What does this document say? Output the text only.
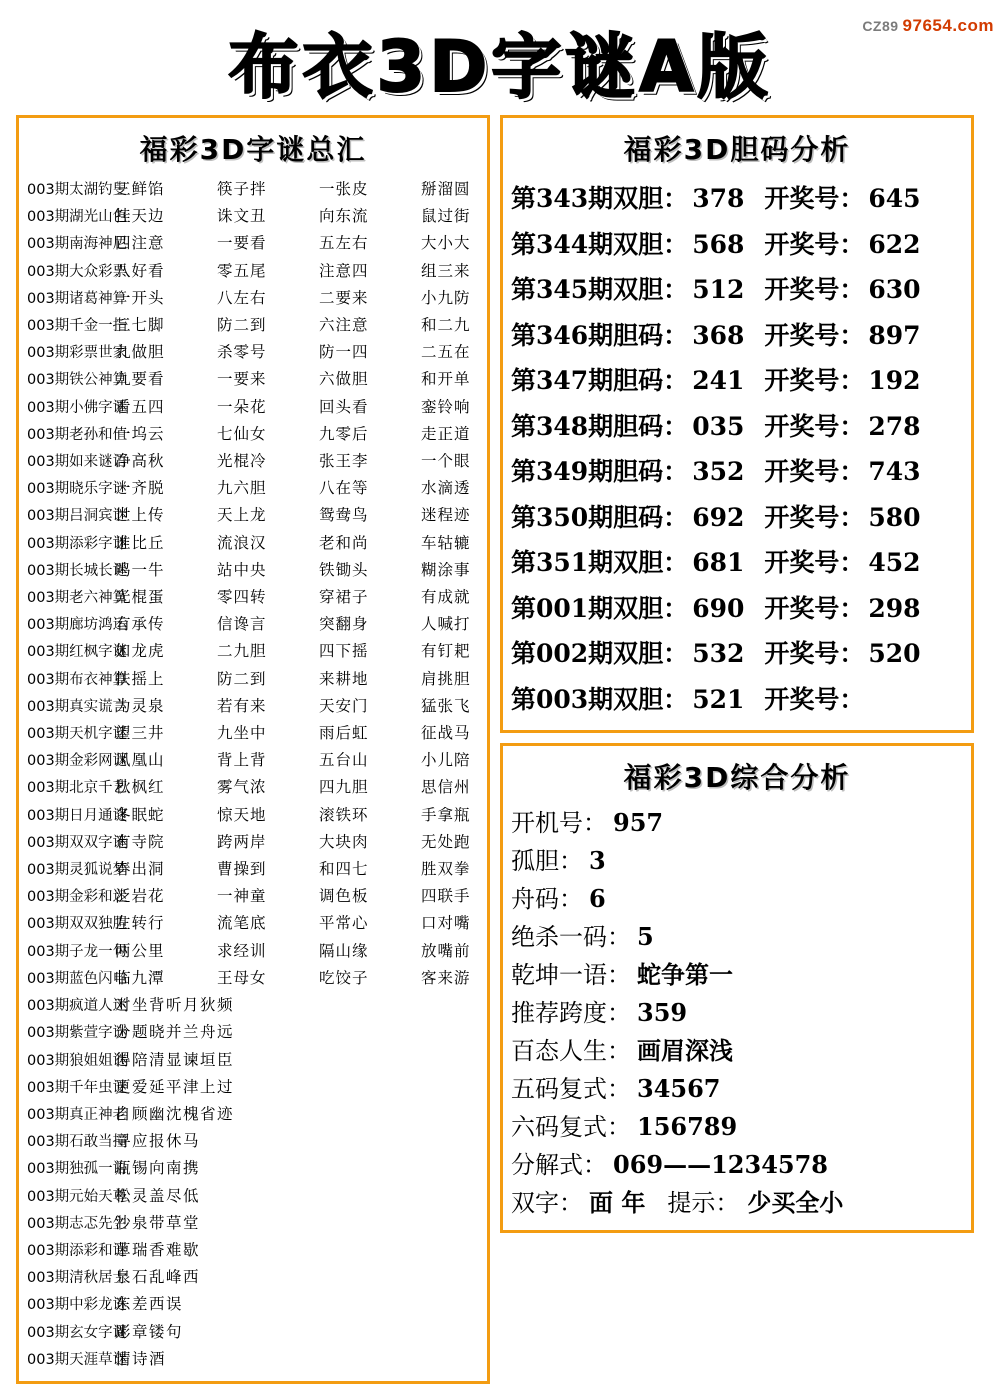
CZ89 97654.com
布衣3D字谜A版
福彩3D字谜总汇
003期太湖钓叟
三鲜馅	筷子拌	一张皮	掰溜圆
003期湖光山色
挂天边	诛文丑	向东流	鼠过街
003期南海神尼
四注意	一要看	五左右	大小大
003期大众彩票
八好看	零五尾	注意四	组三来
003期诸葛神算
一开头	八左右	二要来	小九防
003期千金一指
三七脚	防二到	六注意	和二九
003期彩票世家
九做胆	杀零号	防一四	二五在
003期铁公神算
九要看	一要来	六做胆	和开单
003期小佛字谜
看五四	一朵花	回头看	銮铃响
003期老孙和值
一坞云	七仙女	九零后	走正道
003期如来谜语
净高秋	光棍冷	张王李	一个眼
003期晓乐字谜
一齐脱	九六胆	八在等	水滴透
003期吕洞宾谜
世上传	天上龙	鸳鸯鸟	迷程迹
003期添彩字谜
谁比丘	流浪汉	老和尚	车轱辘
003期长城长谜
鸣一牛	站中央	铁锄头	糊涂事
003期老六神算
光棍蛋	零四转	穿裙子	有成就
003期廊坊鸿运
有承传	信谗言	突翻身	人喊打
003期红枫字谜
如龙虎	二九胆	四下摇	有钉耙
003期布衣神算
扶摇上	防二到	来耕地	肩挑胆
003期真实谎言
为灵泉	若有来	天安门	猛张飞
003期天机字谜
望三井	九坐中	雨后虹	征战马
003期金彩网谜
凤凰山	背上背	五台山	小儿陪
003期北京千艺
秋枫红	雾气浓	四九胆	思信州
003期日月通谜
冬眠蛇	惊天地	滚铁环	手拿瓶
003期双双字谜
有寺院	跨两岸	大块肉	无处跑
003期灵狐说梦
春出洞	曹操到	和四七	胜双拳
003期金彩和迷
泛岩花	一神童	调色板	四联手
003期双双独胆
左转行	流笔底	平常心	口对嘴
003期子龙一句
两公里	求经训	隔山缘	放嘴前
003期蓝色闪电
临九潭	王母女	吃饺子	客来游
003期疯道人迷
对坐背听月狄频
003期紫萱字谜
分题晓并兰舟远
003期狼姐姐谜
得陪清显谏垣臣
003期千年虫谜
更爱延平津上过
003期真正神老
自顾幽沈槐省迹
003期石敢当撞
寻应报休马
003期独孤一语
瓶锡向南携
003期元始天尊
松灵盖尽低
003期志忑先生
沙泉带草堂
003期添彩和谜
草瑞香难歇
003期清秋居士
泉石乱峰西
003期中彩龙谜
东差西误
003期玄女字谜
彫章镂句
003期天涯草谜
情诗酒
福彩3D胆码分析
第343期双胆： 378 开奖号： 645
第344期双胆： 568 开奖号： 622
第345期双胆： 512 开奖号： 630
第346期胆码： 368 开奖号： 897
第347期胆码： 241 开奖号： 192
第348期胆码： 035 开奖号： 278
第349期胆码： 352 开奖号： 743
第350期胆码： 692 开奖号： 580
第351期双胆： 681 开奖号： 452
第001期双胆： 690 开奖号： 298
第002期双胆： 532 开奖号： 520
第003期双胆： 521 开奖号：
福彩3D综合分析
开机号： 957
孤胆： 3
舟码： 6
绝杀一码： 5
乾坤一语： 蛇争第一
推荐跨度： 359
百态人生： 画眉深浅
五码复式： 34567
六码复式： 156789
分解式： 069——1234578
双字： 面 年 提示： 少买全小
